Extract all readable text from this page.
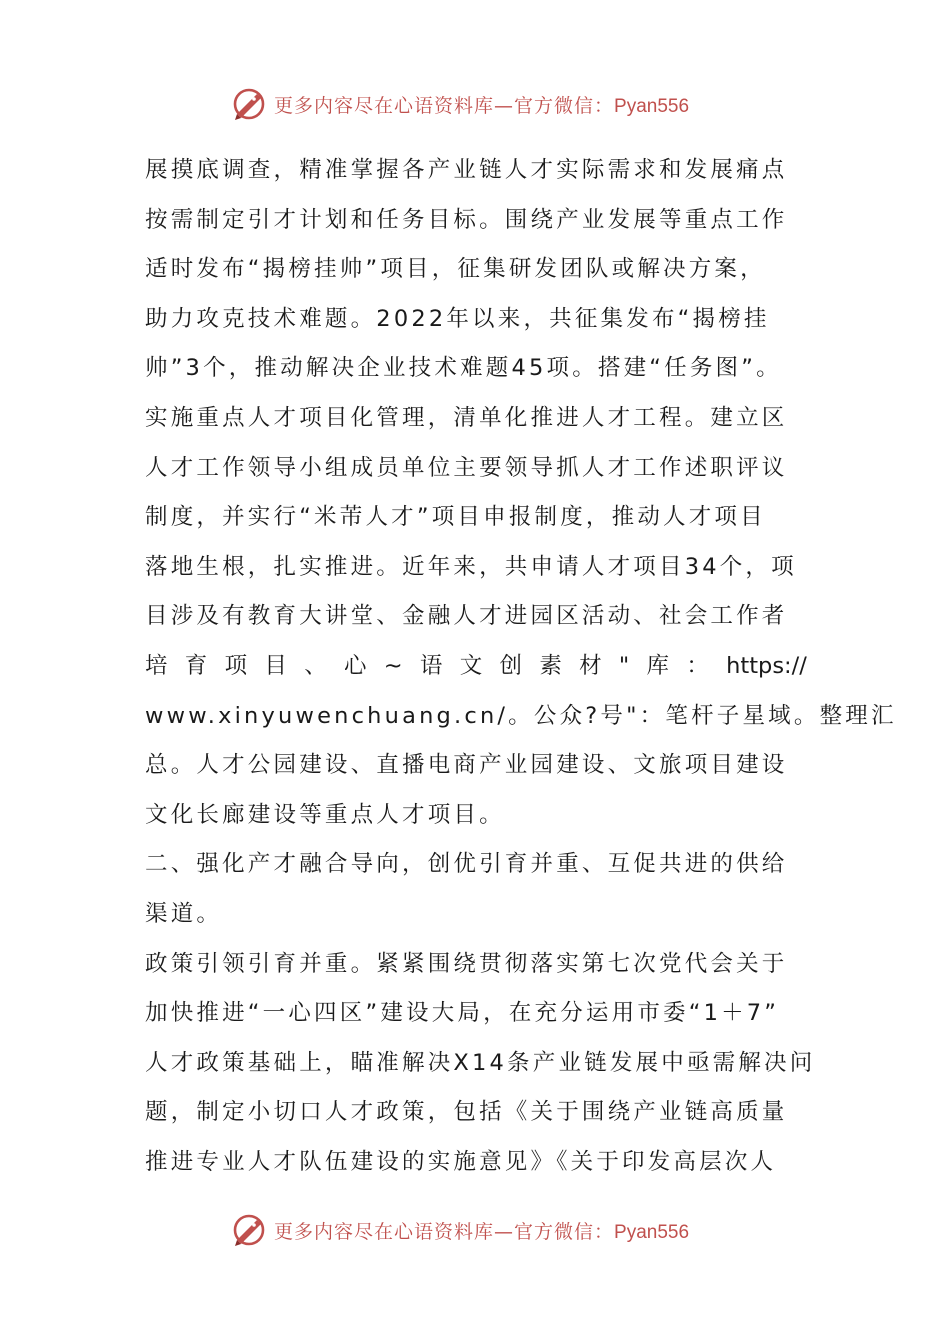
更多内容尽在心语资料库—官方微信：Pyan556
展摸底调查，精准掌握各产业链人才实际需求和发展痛点
按需制定引才计划和任务目标。围绕产业发展等重点工作
适时发布“揭榜挂帅”项目，征集研发团队或解决方案，
助力攻克技术难题。2022年以来，共征集发布“揭榜挂
帅”3个，推动解决企业技术难题45项。搭建“任务图”。
实施重点人才项目化管理，清单化推进人才工程。建立区
人才工作领导小组成员单位主要领导抓人才工作述职评议
制度，并实行“米芾人才”项目申报制度，推动人才项目
落地生根，扎实推进。近年来，共申请人才项目34个，项
目涉及有教育大讲堂、金融人才进园区活动、社会工作者
培 育 项 目 、 心 ~ 语 文 创 素 材 " 库 ： https://
www.xinyuwenchuang.cn/。公众?号"：笔杆子星域。整理汇
总。人才公园建设、直播电商产业园建设、文旅项目建设
文化长廊建设等重点人才项目。
二、强化产才融合导向，创优引育并重、互促共进的供给
渠道。
政策引领引育并重。紧紧围绕贯彻落实第七次党代会关于
加快推进“一心四区”建设大局，在充分运用市委“1＋7”
人才政策基础上，瞄准解决X14条产业链发展中亟需解决问
题，制定小切口人才政策，包括《关于围绕产业链高质量
推进专业人才队伍建设的实施意见》《关于印发高层次人
更多内容尽在心语资料库—官方微信：Pyan556
